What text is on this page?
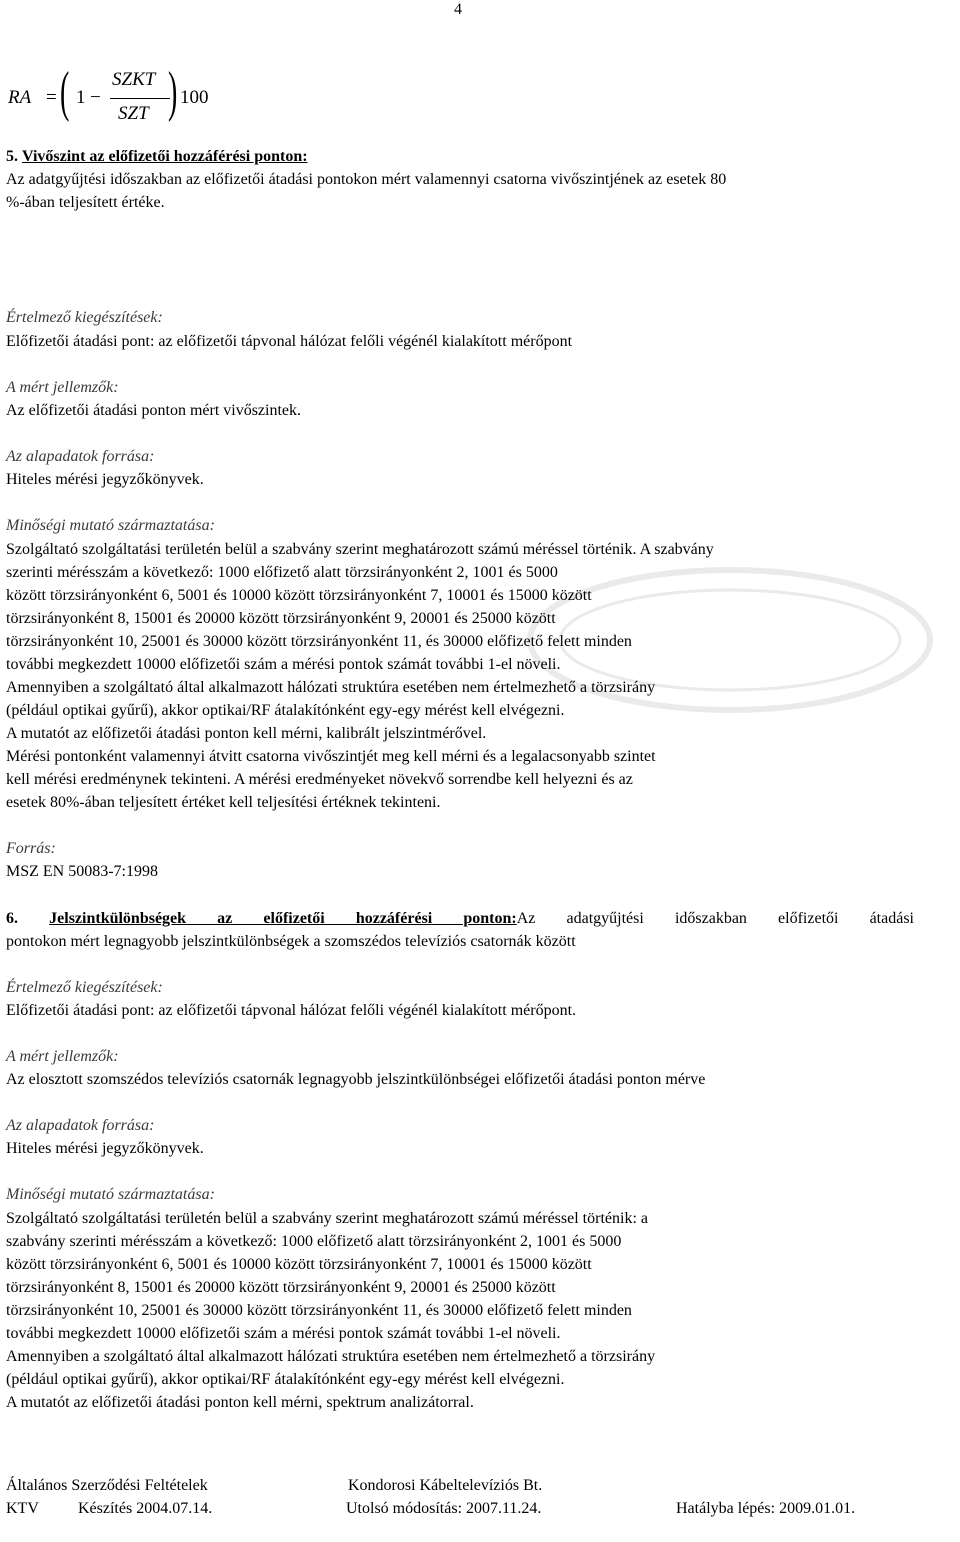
4
RA = ( 1 −
SZKT
SZT ) 100
5. Vivőszint az előfizetői hozzáférési ponton:
Az adatgyűjtési időszakban az előfizetői átadási pontokon mért valamennyi csatorna vivőszintjének az esetek 80
%-ában teljesített értéke.
Értelmező kiegészítések:
Előfizetői átadási pont: az előfizetői tápvonal hálózat felőli végénél kialakított mérőpont
A mért jellemzők:
Az előfizetői átadási ponton mért vivőszintek.
Az alapadatok forrása:
Hiteles mérési jegyzőkönyvek.
Minőségi mutató származtatása:
Szolgáltató szolgáltatási területén belül a szabvány szerint meghatározott számú méréssel történik. A szabvány
szerinti mérésszám a következő: 1000 előfizető alatt törzsirányonként 2, 1001 és 5000
között törzsirányonként 6, 5001 és 10000 között törzsirányonként 7, 10001 és 15000 között
törzsirányonként 8, 15001 és 20000 között törzsirányonként 9, 20001 és 25000 között
törzsirányonként 10, 25001 és 30000 között törzsirányonként 11, és 30000 előfizető felett minden
további megkezdett 10000 előfizetői szám a mérési pontok számát további 1-el növeli.
Amennyiben a szolgáltató által alkalmazott hálózati struktúra esetében nem értelmezhető a törzsirány
(például optikai gyűrű), akkor optikai/RF átalakítónként egy-egy mérést kell elvégezni.
A mutatót az előfizetői átadási ponton kell mérni, kalibrált jelszintmérővel.
Mérési pontonként valamennyi átvitt csatorna vivőszintjét meg kell mérni és a legalacsonyabb szintet
kell mérési eredménynek tekinteni. A mérési eredményeket növekvő sorrendbe kell helyezni és az
esetek 80%-ában teljesített értéket kell teljesítési értéknek tekinteni.
Forrás:
MSZ EN 50083-7:1998
6. Jelszintkülönbségek az előfizetői hozzáférési ponton:Az adatgyűjtési időszakban előfizetői átadási
pontokon mért legnagyobb jelszintkülönbségek a szomszédos televíziós csatornák között
Értelmező kiegészítések:
Előfizetői átadási pont: az előfizetői tápvonal hálózat felőli végénél kialakított mérőpont.
A mért jellemzők:
Az elosztott szomszédos televíziós csatornák legnagyobb jelszintkülönbségei előfizetői átadási ponton mérve
Az alapadatok forrása:
Hiteles mérési jegyzőkönyvek.
Minőségi mutató származtatása:
Szolgáltató szolgáltatási területén belül a szabvány szerint meghatározott számú méréssel történik: a
szabvány szerinti mérésszám a következő: 1000 előfizető alatt törzsirányonként 2, 1001 és 5000
között törzsirányonként 6, 5001 és 10000 között törzsirányonként 7, 10001 és 15000 között
törzsirányonként 8, 15001 és 20000 között törzsirányonként 9, 20001 és 25000 között
törzsirányonként 10, 25001 és 30000 között törzsirányonként 11, és 30000 előfizető felett minden
további megkezdett 10000 előfizetői szám a mérési pontok számát további 1-el növeli.
Amennyiben a szolgáltató által alkalmazott hálózati struktúra esetében nem értelmezhető a törzsirány
(például optikai gyűrű), akkor optikai/RF átalakítónként egy-egy mérést kell elvégezni.
A mutatót az előfizetői átadási ponton kell mérni, spektrum analizátorral.
Általános Szerződési Feltételek	Kondorosi Kábeltelevíziós Bt.
KTV Készítés 2004.07.14.	Utolsó módosítás: 2007.11.24.	Hatályba lépés: 2009.01.01.
